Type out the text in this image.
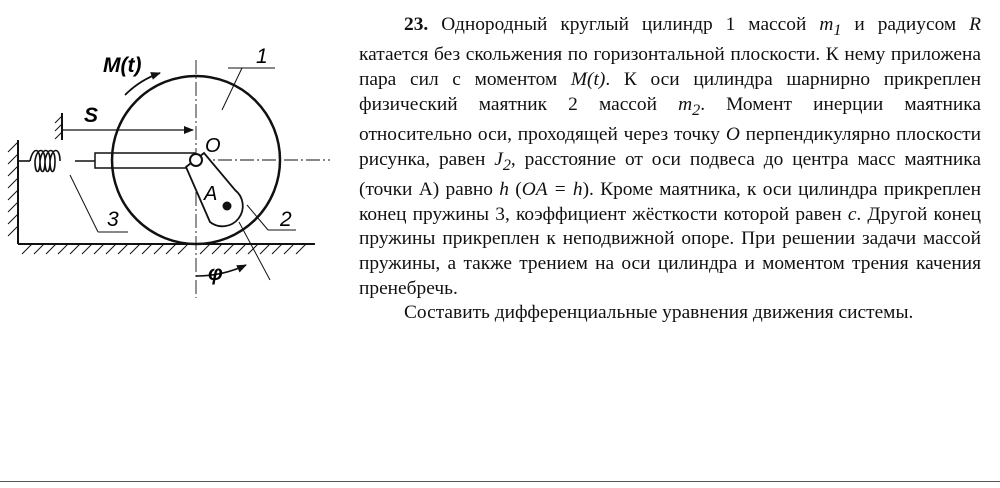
M(t)
S
O
A
φ
1
2
3

23. Однородный круглый цилиндр 1 массой $m_1$ и радиусом R катается без скольжения по горизонтальной плоскости. К нему приложена пара сил с моментом M(t). К оси цилиндра шарнирно прикреплен физический маятник 2 массой $m_2$. Момент инерции маятника относительно оси, проходящей через точку O перпендикулярно плоскости рисунка, равен $J_2$, расстояние от оси подвеса до центра масс маятника (точки А) равно h (OA = h). Кроме маятника, к оси цилиндра прикреплен конец пружины 3, коэффициент жёсткости которой равен c. Другой конец пружины прикреплен к неподвижной опоре. При решении задачи массой пружины, а также трением на оси цилиндра и моментом трения качения пренебречь.

Составить дифференциальные уравнения движения системы.
